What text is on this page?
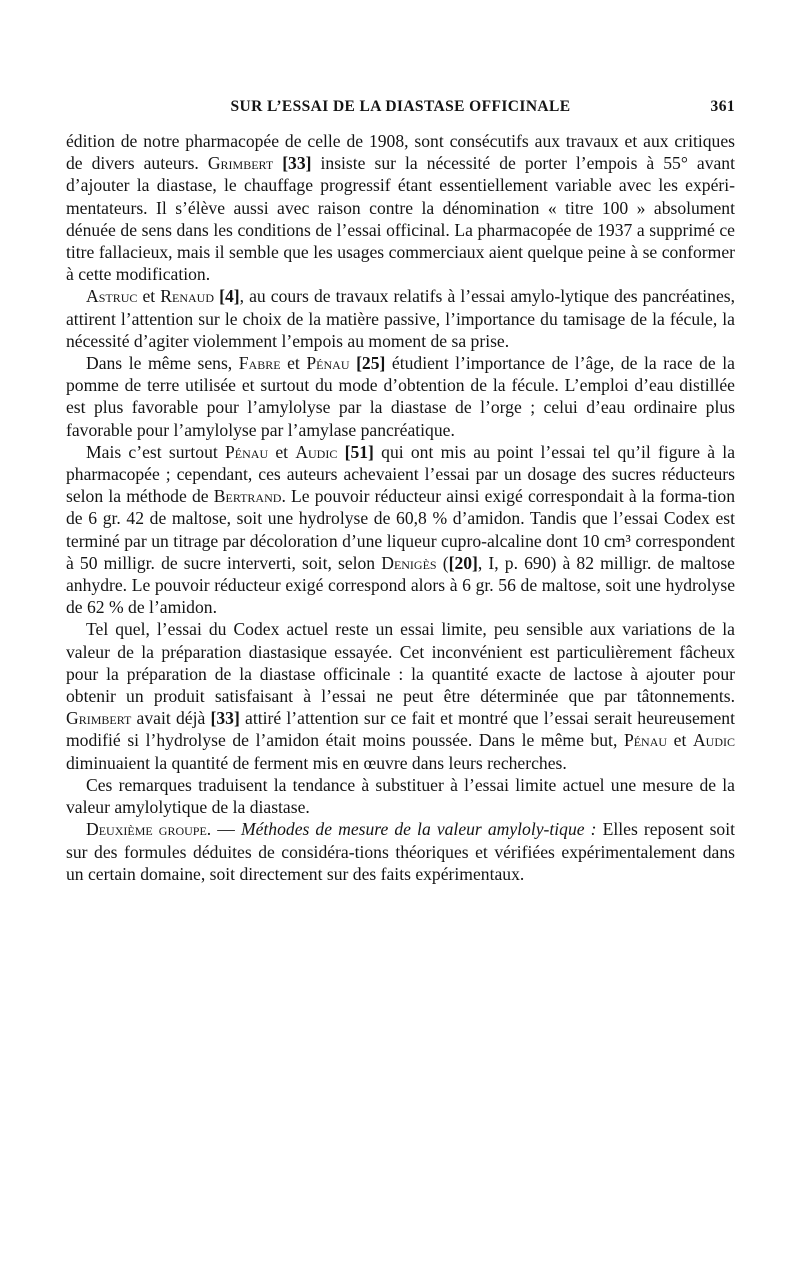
SUR L’ESSAI DE LA DIASTASE OFFICINALE	361

édition de notre pharmacopée de celle de 1908, sont consécutifs aux travaux et aux critiques de divers auteurs. Grimbert [33] insiste sur la nécessité de porter l’empois à 55° avant d’ajouter la diastase, le chauffage progressif étant essentiellement variable avec les expéri-mentateurs. Il s’élève aussi avec raison contre la dénomination « titre 100 » absolument dénuée de sens dans les conditions de l’essai officinal. La pharmacopée de 1937 a supprimé ce titre fallacieux, mais il semble que les usages commerciaux aient quelque peine à se conformer à cette modification.

Astruc et Renaud [4], au cours de travaux relatifs à l’essai amylo-lytique des pancréatines, attirent l’attention sur le choix de la matière passive, l’importance du tamisage de la fécule, la nécessité d’agiter violemment l’empois au moment de sa prise.

Dans le même sens, Fabre et Pénau [25] étudient l’importance de l’âge, de la race de la pomme de terre utilisée et surtout du mode d’obtention de la fécule. L’emploi d’eau distillée est plus favorable pour l’amylolyse par la diastase de l’orge ; celui d’eau ordinaire plus favorable pour l’amylolyse par l’amylase pancréatique.

Mais c’est surtout Pénau et Audic [51] qui ont mis au point l’essai tel qu’il figure à la pharmacopée ; cependant, ces auteurs achevaient l’essai par un dosage des sucres réducteurs selon la méthode de Bertrand. Le pouvoir réducteur ainsi exigé correspondait à la forma-tion de 6 gr. 42 de maltose, soit une hydrolyse de 60,8 % d’amidon. Tandis que l’essai Codex est terminé par un titrage par décoloration d’une liqueur cupro-alcaline dont 10 cm³ correspondent à 50 milligr. de sucre interverti, soit, selon Denigès ([20], I, p. 690) à 82 milligr. de maltose anhydre. Le pouvoir réducteur exigé correspond alors à 6 gr. 56 de maltose, soit une hydrolyse de 62 % de l’amidon.

Tel quel, l’essai du Codex actuel reste un essai limite, peu sensible aux variations de la valeur de la préparation diastasique essayée. Cet inconvénient est particulièrement fâcheux pour la préparation de la diastase officinale : la quantité exacte de lactose à ajouter pour obtenir un produit satisfaisant à l’essai ne peut être déterminée que par tâtonnements. Grimbert avait déjà [33] attiré l’attention sur ce fait et montré que l’essai serait heureusement modifié si l’hydrolyse de l’amidon était moins poussée. Dans le même but, Pénau et Audic diminuaient la quantité de ferment mis en œuvre dans leurs recherches.

Ces remarques traduisent la tendance à substituer à l’essai limite actuel une mesure de la valeur amylolytique de la diastase.

Deuxième groupe. — Méthodes de mesure de la valeur amyloly-tique : Elles reposent soit sur des formules déduites de considéra-tions théoriques et vérifiées expérimentalement dans un certain domaine, soit directement sur des faits expérimentaux.
